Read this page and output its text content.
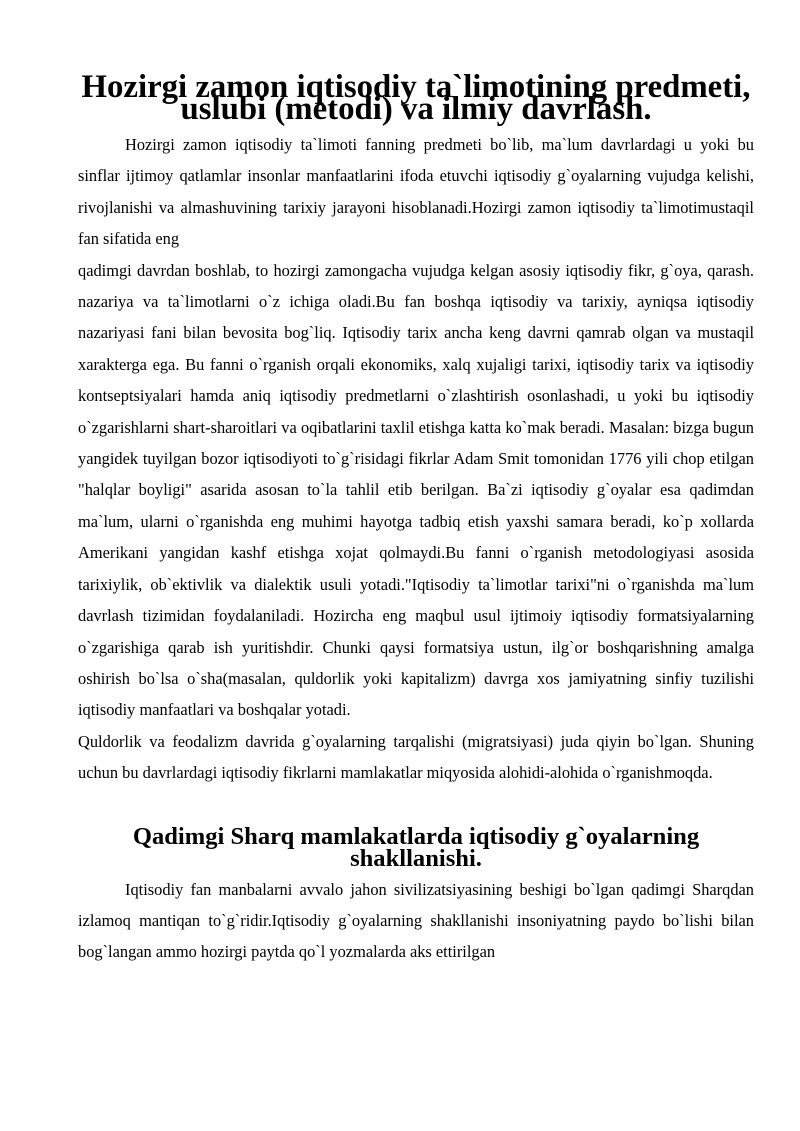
Hozirgi zamon iqtisodiy ta`limotining predmeti, uslubi (metodi) va ilmiy davrlash.

Hozirgi zamon iqtisodiy ta`limoti fanning predmeti bo`lib, ma`lum davrlardagi u yoki bu sinflar ijtimoy qatlamlar insonlar manfaatlarini ifoda etuvchi iqtisodiy g`oyalarning vujudga kelishi, rivojlanishi va almashuvining tarixiy jarayoni hisoblanadi.Hozirgi zamon iqtisodiy ta`limotimustaqil fan sifatida eng

qadimgi davrdan boshlab, to hozirgi zamongacha vujudga kelgan asosiy iqtisodiy fikr, g`oya, qarash. nazariya va ta`limotlarni o`z ichiga oladi.Bu fan boshqa iqtisodiy va tarixiy, ayniqsa iqtisodiy nazariyasi fani bilan bevosita bog`liq. Iqtisodiy tarix ancha keng davrni qamrab olgan va mustaqil xarakterga ega. Bu fanni o`rganish orqali ekonomiks, xalq xujaligi tarixi, iqtisodiy tarix va iqtisodiy kontseptsiyalari hamda aniq iqtisodiy predmetlarni o`zlashtirish osonlashadi, u yoki bu iqtisodiy o`zgarishlarni shart-sharoitlari va oqibatlarini taxlil etishga katta ko`mak beradi. Masalan: bizga bugun yangidek tuyilgan bozor iqtisodiyoti to`g`risidagi fikrlar Adam Smit tomonidan 1776 yili chop etilgan "halqlar boyligi" asarida asosan to`la tahlil etib berilgan. Ba`zi iqtisodiy g`oyalar esa qadimdan ma`lum, ularni o`rganishda eng muhimi hayotga tadbiq etish yaxshi samara beradi, ko`p xollarda Amerikani yangidan kashf etishga xojat qolmaydi.Bu fanni o`rganish metodologiyasi asosida tarixiylik, ob`ektivlik va dialektik usuli yotadi."Iqtisodiy ta`limotlar tarixi"ni o`rganishda ma`lum davrlash tizimidan foydalaniladi. Hozircha eng maqbul usul ijtimoiy iqtisodiy formatsiyalarning o`zgarishiga qarab ish yuritishdir. Chunki qaysi formatsiya ustun, ilg`or boshqarishning amalga oshirish bo`lsa o`sha(masalan, quldorlik yoki kapitalizm) davrga xos jamiyatning sinfiy tuzilishi iqtisodiy manfaatlari va boshqalar yotadi.

Quldorlik va feodalizm davrida g`oyalarning tarqalishi (migratsiyasi) juda qiyin bo`lgan. Shuning uchun bu davrlardagi iqtisodiy fikrlarni mamlakatlar miqyosida alohidi-alohida o`rganishmoqda.

Qadimgi Sharq mamlakatlarda iqtisodiy g`oyalarning shakllanishi.

Iqtisodiy fan manbalarni avvalo jahon sivilizatsiyasining beshigi bo`lgan qadimgi Sharqdan izlamoq mantiqan to`g`ridir.Iqtisodiy g`oyalarning shakllanishi insoniyatning paydo bo`lishi bilan bog`langan ammo hozirgi paytda qo`l yozmalarda aks ettirilgan
